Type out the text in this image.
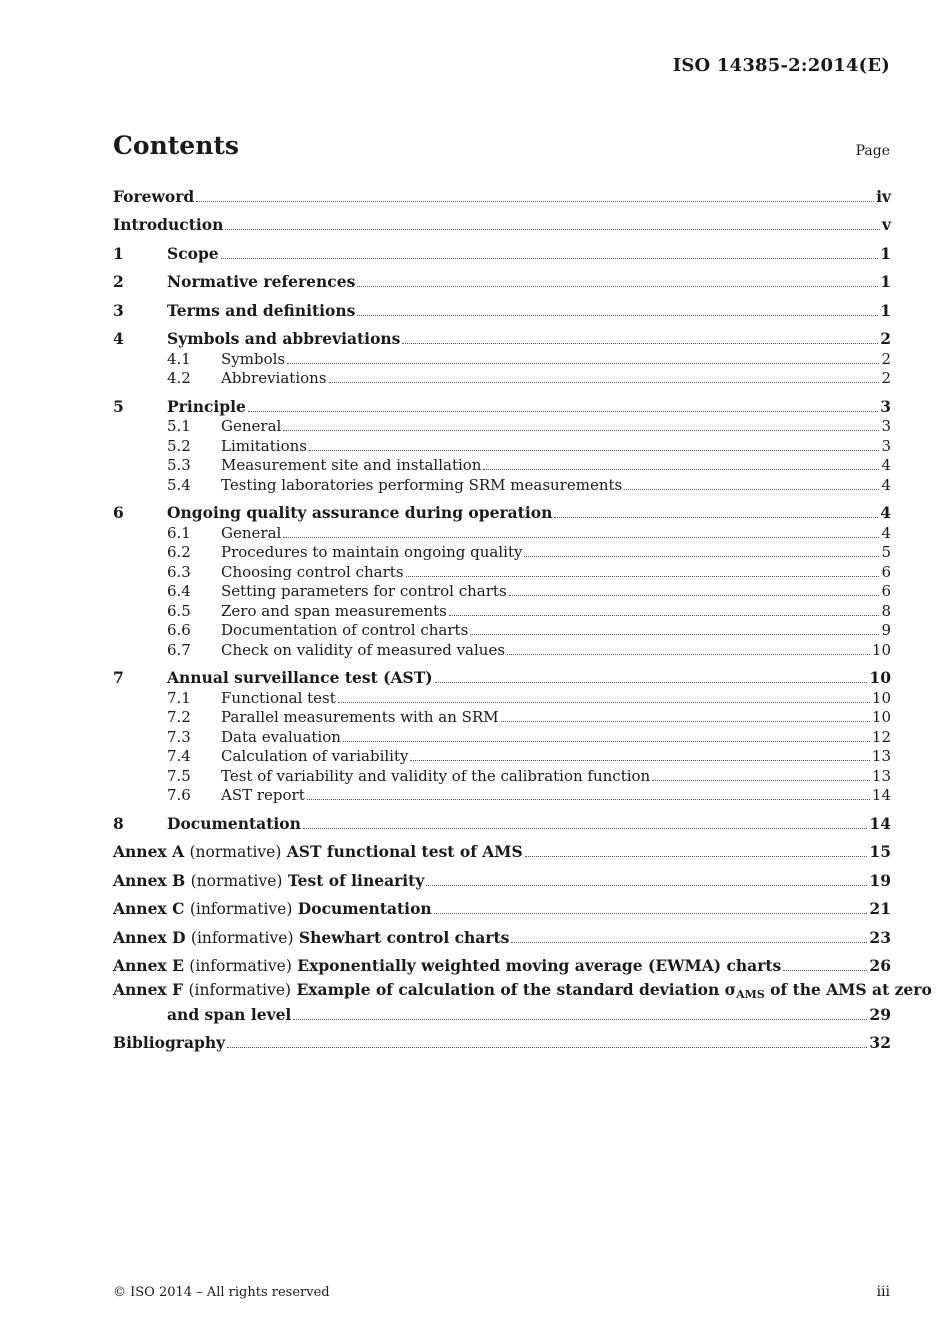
ISO 14385-2:2014(E)
Contents	Page
Foreword	iv
Introduction	v
1	Scope	1
2	Normative references	1
3	Terms and definitions	1
4	Symbols and abbreviations	2
4.1	Symbols	2
4.2	Abbreviations	2
5	Principle	3
5.1	General	3
5.2	Limitations	3
5.3	Measurement site and installation	4
5.4	Testing laboratories performing SRM measurements	4
6	Ongoing quality assurance during operation	4
6.1	General	4
6.2	Procedures to maintain ongoing quality	5
6.3	Choosing control charts	6
6.4	Setting parameters for control charts	6
6.5	Zero and span measurements	8
6.6	Documentation of control charts	9
6.7	Check on validity of measured values	10
7	Annual surveillance test (AST)	10
7.1	Functional test	10
7.2	Parallel measurements with an SRM	10
7.3	Data evaluation	12
7.4	Calculation of variability	13
7.5	Test of variability and validity of the calibration function	13
7.6	AST report	14
8	Documentation	14
Annex A (normative) AST functional test of AMS	15
Annex B (normative) Test of linearity	19
Annex C (informative) Documentation	21
Annex D (informative) Shewhart control charts	23
Annex E (informative) Exponentially weighted moving average (EWMA) charts	26
Annex F (informative) Example of calculation of the standard deviation $\sigma_{AMS}$ of the AMS at zero
and span level	29
Bibliography	32
© ISO 2014 – All rights reserved	iii
